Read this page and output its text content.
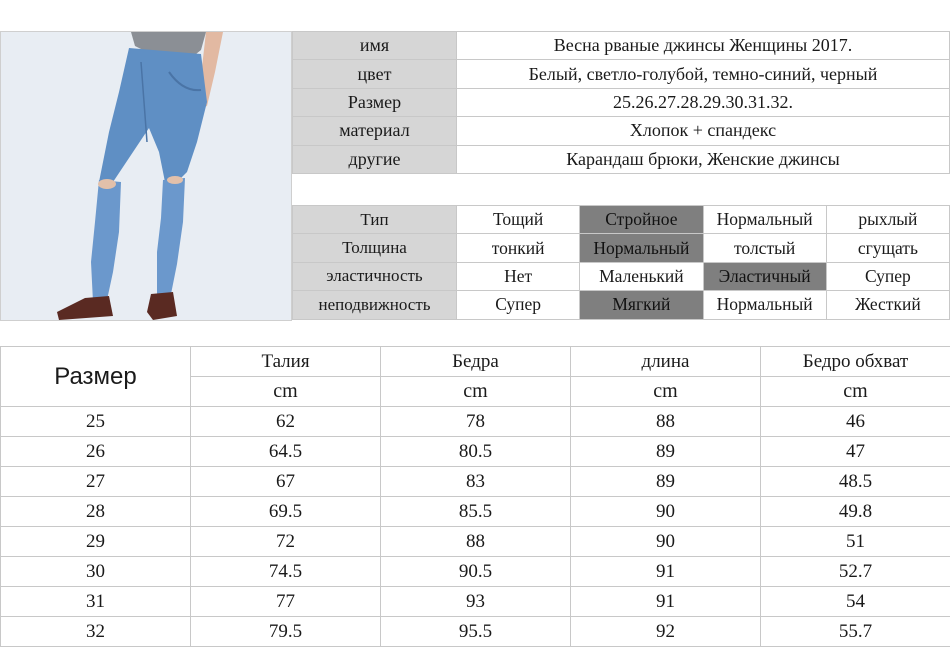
имя	Весна рваные джинсы Женщины 2017.
цвет	Белый, светло-голубой, темно-синий, черный
Размер	25.26.27.28.29.30.31.32.
материал	Хлопок + спандекс
другие	Карандаш брюки, Женские джинсы
Тип	Тощий	Стройное	Нормальный	рыхлый
Толщина	тонкий	Нормальный	толстый	сгущать
эластичность	Нет	Маленький	Эластичный	Супер
неподвижность	Супер	Мягкий	Нормальный	Жесткий
Размер	Талия	Бедра	длина	Бедро обхват
	cm	cm	cm	cm
25	62	78	88	46
26	64.5	80.5	89	47
27	67	83	89	48.5
28	69.5	85.5	90	49.8
29	72	88	90	51
30	74.5	90.5	91	52.7
31	77	93	91	54
32	79.5	95.5	92	55.7
